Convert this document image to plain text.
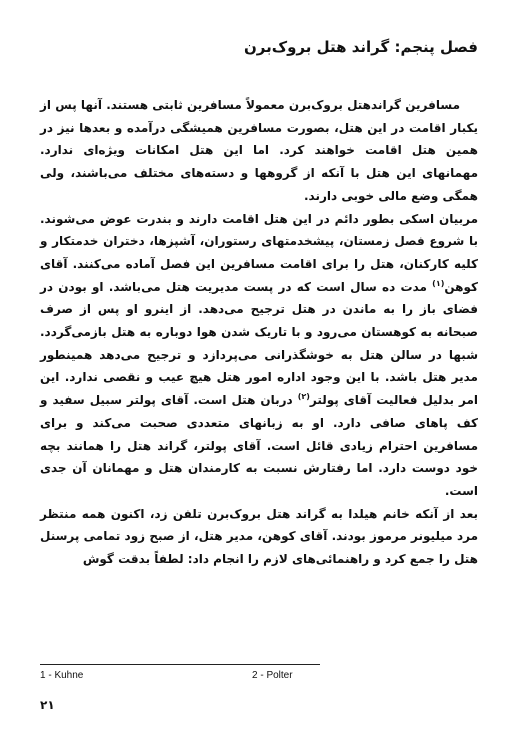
فصل پنجم: گراند هتل بروک‌برن

مسافرین گراندهتل بروک‌برن معمولاً مسافرین ثابتی هستند. آنها پس از یکبار اقامت در این هتل، بصورت مسافرین همیشگی درآمده و بعدها نیز در همین هتل اقامت خواهند کرد. اما این هتل امکانات ویژه‌ای ندارد. مهمانهای این هتل با آنکه از گروهها و دسته‌های مختلف می‌باشند، ولی همگی وضع مالی خوبی دارند.

مربیان اسکی بطور دائم در این هتل اقامت دارند و بندرت عوض می‌شوند. با شروع فصل زمستان، پیشخدمتهای رستوران، آشپزها، دختران خدمتکار و کلیه کارکنان، هتل را برای اقامت مسافرین این فصل آماده می‌کنند. آقای کوهن$^{(۱)}$ مدت ده سال است که در پست مدیریت هتل می‌باشد. او بودن در فضای باز را به ماندن در هتل ترجیح می‌دهد. از اینرو او پس از صرف صبحانه به کوهستان می‌رود و با تاریک شدن هوا دوباره به هتل بازمی‌گردد. شبها در سالن هتل به خوشگذرانی می‌پردازد و ترجیح می‌دهد همینطور مدیر هتل باشد. با این وجود اداره امور هتل هیچ عیب و نقصی ندارد. این امر بدلیل فعالیت آقای پولتر$^{(۲)}$ دربان هتل است. آقای پولتر سبیل سفید و کف پاهای صافی دارد. او به زبانهای متعددی صحبت می‌کند و برای مسافرین احترام زیادی قائل است. آقای پولتر، گراند هتل را همانند بچه خود دوست دارد. اما رفتارش نسبت به کارمندان هتل و مهمانان آن جدی است.

بعد از آنکه خانم هیلدا به گراند هتل بروک‌برن تلفن زد، اکنون همه منتظر مرد میلیونر مرموز بودند. آقای کوهن، مدیر هتل، از صبح زود تمامی پرسنل هتل را جمع کرد و راهنمائی‌های لازم را انجام داد: لطفاً بدقت گوش

1 - Kuhne	2 - Polter
۲۱
